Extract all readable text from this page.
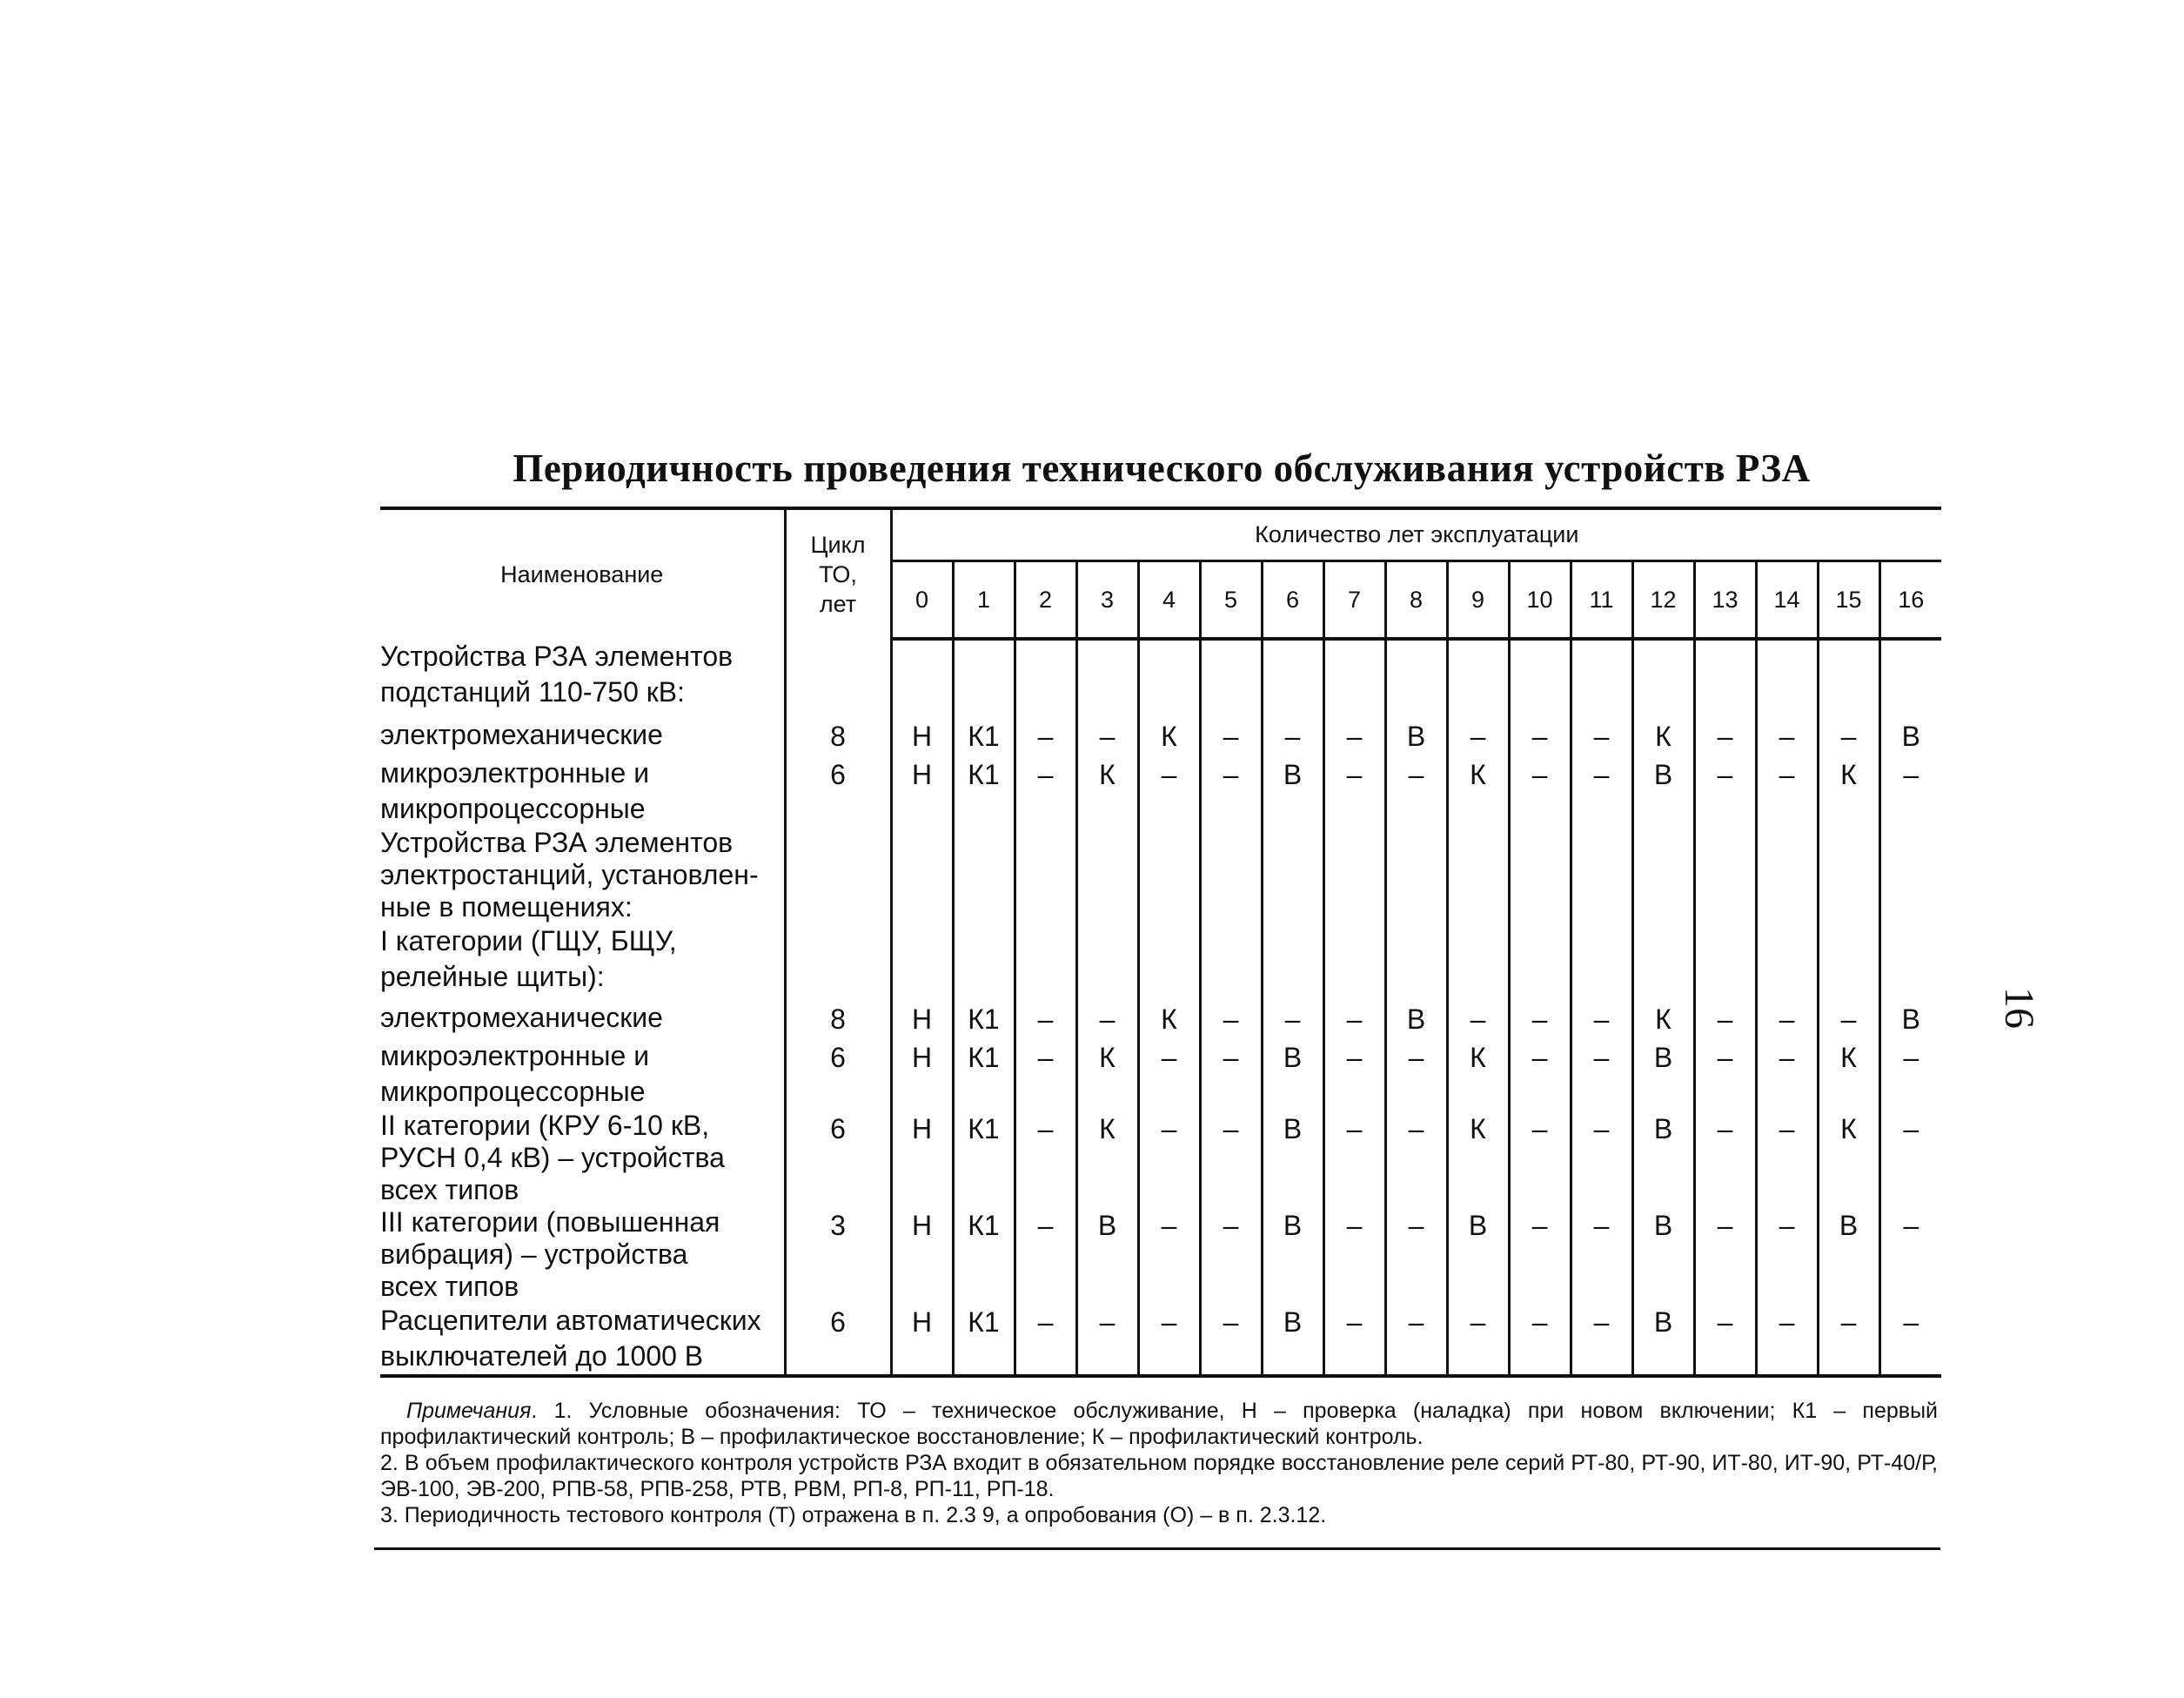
Периодичность проведения технического обслуживания устройств РЗА
Наименование	Цикл
ТО,
лет	Количество лет эксплуатации																
		0	1	2	3	4	5	6	7	8	9	10	11	12	13	14	15	16

Устройства РЗА элементов
подстанций 110-750 кВ:																		

электромеханические	8	Н	К1	–	–	К	–	–	–	В	–	–	–	К	–	–	–	В

микроэлектронные и
микропроцессорные	6	Н	К1	–	К	–	–	В	–	–	К	–	–	В	–	–	К	–

Устройства РЗА элементов
электростанций, установлен-
ные в помещениях:																		

I категории (ГЩУ, БЩУ,
релейные щиты):																		

электромеханические	8	Н	К1	–	–	К	–	–	–	В	–	–	–	К	–	–	–	В

микроэлектронные и
микропроцессорные	6	Н	К1	–	К	–	–	В	–	–	К	–	–	В	–	–	К	–

II категории (КРУ 6-10 кВ,
РУСН 0,4 кВ) – устройства
всех типов	6	Н	К1	–	К	–	–	В	–	–	К	–	–	В	–	–	К	–

III категории (повышенная
вибрация) – устройства
всех типов	3	Н	К1	–	В	–	–	В	–	–	В	–	–	В	–	–	В	–

Расцепители автоматических
выключателей до 1000 В	6	Н	К1	–	–	–	–	В	–	–	–	–	–	В	–	–	–	–

Примечания. 1. Условные обозначения: ТО – техническое обслуживание, Н – проверка (наладка) при новом включении; К1 – первый профилактический контроль; В – профилактическое восстановление; К – профилактический контроль.

2. В объем профилактического контроля устройств РЗА входит в обязательном порядке восстановление реле серий РТ-80, РТ-90, ИТ-80, ИТ-90, РТ-40/Р, ЭВ-100, ЭВ-200, РПВ-58, РПВ-258, РТВ, РВМ, РП-8, РП-11, РП-18.

3. Периодичность тестового контроля (Т) отражена в п. 2.3 9, а опробования (О) – в п. 2.3.12.

16
